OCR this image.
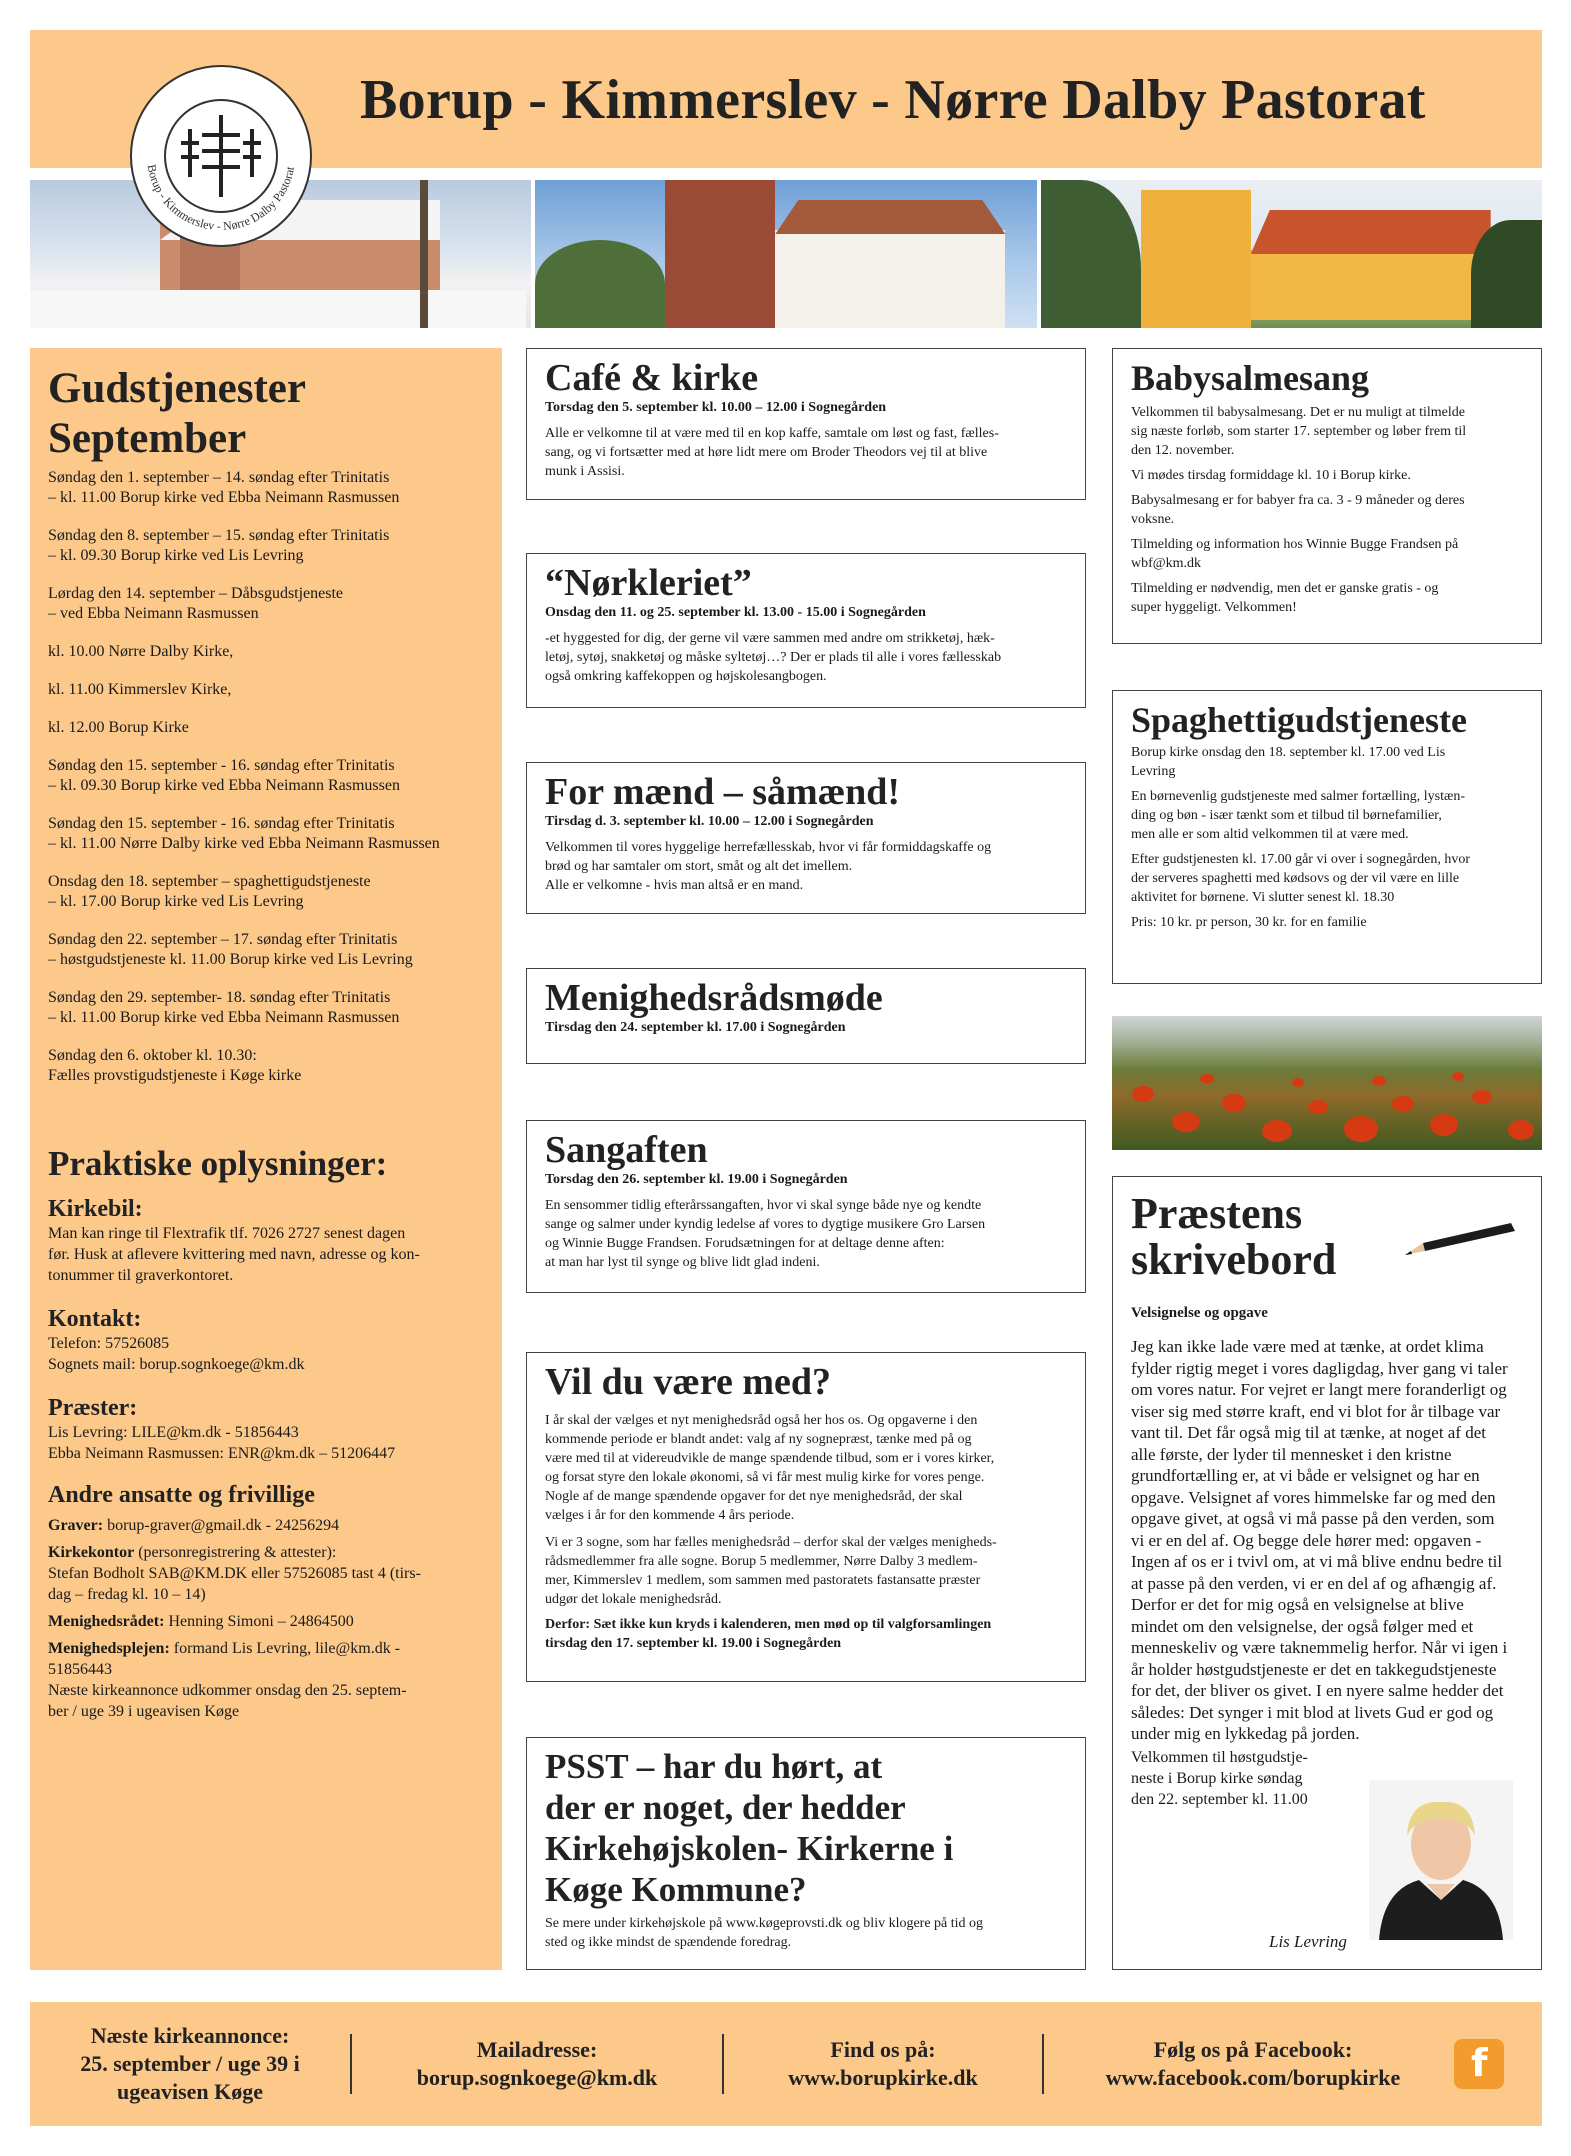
Borup - Kimmerslev - Nørre Dalby Pastorat
Borup - Kimmerslev - Nørre Dalby Pastorat
Gudstjenester
September
Søndag den 1. september – 14. søndag efter Trinitatis
– kl. 11.00 Borup kirke ved Ebba Neimann Rasmussen
Søndag den 8. september – 15. søndag efter Trinitatis
– kl. 09.30 Borup kirke ved Lis Levring
Lørdag den 14. september – Dåbsgudstjeneste
– ved Ebba Neimann Rasmussen
kl. 10.00 Nørre Dalby Kirke,
kl. 11.00 Kimmerslev Kirke,
kl. 12.00 Borup Kirke
Søndag den 15. september - 16. søndag efter Trinitatis
– kl. 09.30 Borup kirke ved Ebba Neimann Rasmussen
Søndag den 15. september - 16. søndag efter Trinitatis
– kl. 11.00 Nørre Dalby kirke ved Ebba Neimann Rasmussen
Onsdag den 18. september – spaghettigudstjeneste
– kl. 17.00 Borup kirke ved Lis Levring
Søndag den 22. september – 17. søndag efter Trinitatis
– høstgudstjeneste kl. 11.00 Borup kirke ved Lis Levring
Søndag den 29. september- 18. søndag efter Trinitatis
– kl. 11.00 Borup kirke ved Ebba Neimann Rasmussen
Søndag den 6. oktober kl. 10.30:
Fælles provstigudstjeneste i Køge kirke
Praktiske oplysninger:
Kirkebil:
Man kan ringe til Flextrafik tlf. 7026 2727 senest dagen
før. Husk at aflevere kvittering med navn, adresse og kon-
tonummer til graverkontoret.
Kontakt:
Telefon: 57526085
Sognets mail: borup.sognkoege@km.dk
Præster:
Lis Levring: LILE@km.dk - 51856443
Ebba Neimann Rasmussen: ENR@km.dk – 51206447
Andre ansatte og frivillige

Graver: borup-graver@gmail.dk - 24256294

Kirkekontor (personregistrering & attester):
Stefan Bodholt SAB@KM.DK eller 57526085 tast 4 (tirs-
dag – fredag kl. 10 – 14)

Menighedsrådet: Henning Simoni – 24864500

Menighedsplejen: formand Lis Levring, lile@km.dk -
51856443
Næste kirkeannonce udkommer onsdag den 25. septem-
ber / uge 39 i ugeavisen Køge

Café & kirke
Torsdag den 5. september kl. 10.00 – 12.00 i Sognegården
Alle er velkomne til at være med til en kop kaffe, samtale om løst og fast, fælles-
sang, og vi fortsætter med at høre lidt mere om Broder Theodors vej til at blive
munk i Assisi.
“Nørkleriet”
Onsdag den 11. og 25. september kl. 13.00 - 15.00 i Sognegården
-et hyggested for dig, der gerne vil være sammen med andre om strikketøj, hæk-
letøj, sytøj, snakketøj og måske syltetøj…? Der er plads til alle i vores fællesskab
også omkring kaffekoppen og højskolesangbogen.
For mænd – såmænd!
Tirsdag d. 3. september kl. 10.00 – 12.00 i Sognegården
Velkommen til vores hyggelige herrefællesskab, hvor vi får formiddagskaffe og
brød og har samtaler om stort, småt og alt det imellem.
Alle er velkomne - hvis man altså er en mand.
Menighedsrådsmøde
Tirsdag den 24. september kl. 17.00 i Sognegården
Sangaften
Torsdag den 26. september kl. 19.00 i Sognegården
En sensommer tidlig efterårssangaften, hvor vi skal synge både nye og kendte
sange og salmer under kyndig ledelse af vores to dygtige musikere Gro Larsen
og Winnie Bugge Frandsen. Forudsætningen for at deltage denne aften:
at man har lyst til synge og blive lidt glad indeni.
Vil du være med?
I år skal der vælges et nyt menighedsråd også her hos os. Og opgaverne i den
kommende periode er blandt andet: valg af ny sognepræst, tænke med på og
være med til at videreudvikle de mange spændende tilbud, som er i vores kirker,
og forsat styre den lokale økonomi, så vi får mest mulig kirke for vores penge.
Nogle af de mange spændende opgaver for det nye menighedsråd, der skal
vælges i år for den kommende 4 års periode.
Vi er 3 sogne, som har fælles menighedsråd – derfor skal der vælges menigheds-
rådsmedlemmer fra alle sogne. Borup 5 medlemmer, Nørre Dalby 3 medlem-
mer, Kimmerslev 1 medlem, som sammen med pastoratets fastansatte præster
udgør det lokale menighedsråd.
Derfor: Sæt ikke kun kryds i kalenderen, men mød op til valgforsamlingen
tirsdag den 17. september kl. 19.00 i Sognegården
PSST – har du hørt, at
der er noget, der hedder
Kirkehøjskolen- Kirkerne i
Køge Kommune?
Se mere under kirkehøjskole på www.køgeprovsti.dk og bliv klogere på tid og
sted og ikke mindst de spændende foredrag.
Babysalmesang
Velkommen til babysalmesang. Det er nu muligt at tilmelde
sig næste forløb, som starter 17. september og løber frem til
den 12. november.
Vi mødes tirsdag formiddage kl. 10 i Borup kirke.
Babysalmesang er for babyer fra ca. 3 - 9 måneder og deres
voksne.
Tilmelding og information hos Winnie Bugge Frandsen på
wbf@km.dk
Tilmelding er nødvendig, men det er ganske gratis - og
super hyggeligt. Velkommen!
Spaghettigudstjeneste
Borup kirke onsdag den 18. september kl. 17.00 ved Lis
Levring
En børnevenlig gudstjeneste med salmer fortælling, lystæn-
ding og bøn - især tænkt som et tilbud til børnefamilier,
men alle er som altid velkommen til at være med.
Efter gudstjenesten kl. 17.00 går vi over i sognegården, hvor
der serveres spaghetti med kødsovs og der vil være en lille
aktivitet for børnene. Vi slutter senest kl. 18.30
Pris: 10 kr. pr person, 30 kr. for en familie
Præstens
skrivebord
Velsignelse og opgave
Jeg kan ikke lade være med at tænke, at ordet klima fylder rigtig meget i vores dagligdag, hver gang vi taler om vores natur. For vejret er langt mere foranderligt og viser sig med større kraft, end vi blot for år tilbage var vant til. Det får også mig til at tænke, at noget af det alle første, der lyder til mennesket i den kristne grundfortælling er, at vi både er velsignet og har en opgave. Velsignet af vores himmelske far og med den opgave givet, at også vi må passe på den verden, som vi er en del af. Og begge dele hører med: opgaven - Ingen af os er i tvivl om, at vi må blive endnu bedre til at passe på den verden, vi er en del af og afhængig af. Derfor er det for mig også en velsignelse at blive mindet om den velsignelse, der også følger med et menneskeliv og være taknemmelig herfor. Når vi igen i år holder høstgudstjeneste er det en takkegudstjeneste for det, der bliver os givet. I en nyere salme hedder det således: Det synger i mit blod at livets Gud er god og under mig en lykkedag på jorden.
Velkommen til høstgudstje-
neste i Borup kirke søndag
den 22. september kl. 11.00
Lis Levring
Næste kirkeannonce:
25. september / uge 39 i
ugeavisen Køge
Mailadresse:
borup.sognkoege@km.dk
Find os på:
www.borupkirke.dk
Følg os på Facebook:
www.facebook.com/borupkirke	f
